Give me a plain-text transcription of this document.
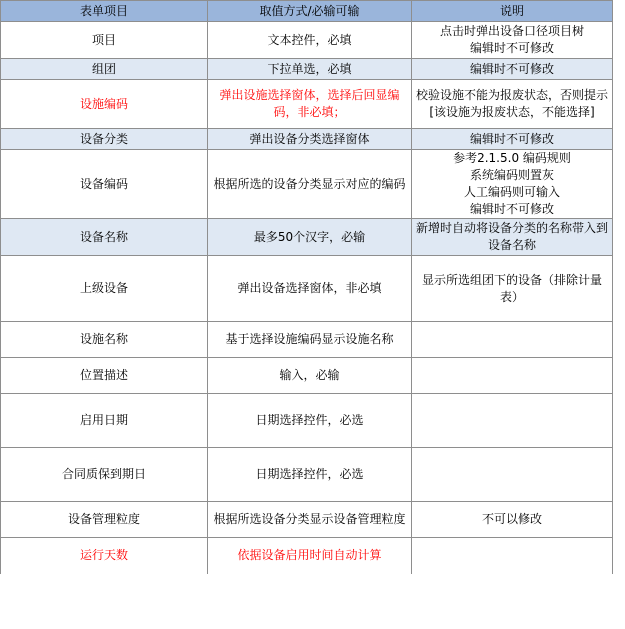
表单项目	取值方式/必输可输	说明
项目	文本控件，必填	点击时弹出设备口径项目树
编辑时不可修改

组团	下拉单选，必填	编辑时不可修改

设施编码	弹出设施选择窗体，选择后回显编码，非必填；	校验设施不能为报废状态，否则提示[该设施为报废状态，不能选择]
设备分类	弹出设备分类选择窗体	编辑时不可修改

设备编码	根据所选的设备分类显示对应的编码	参考2.1.5.0 编码规则
系统编码则置灰
人工编码则可输入
编辑时不可修改

设备名称	最多50个汉字，必输	新增时自动将设备分类的名称带入到设备名称
上级设备	弹出设备选择窗体，非必填	显示所选组团下的设备（排除计量表）
设施名称	基于选择设施编码显示设施名称	
位置描述	输入，必输	
启用日期	日期选择控件，必选	
合同质保到期日	日期选择控件，必选	
设备管理粒度	根据所选设备分类显示设备管理粒度	不可以修改

运行天数	依据设备启用时间自动计算	
